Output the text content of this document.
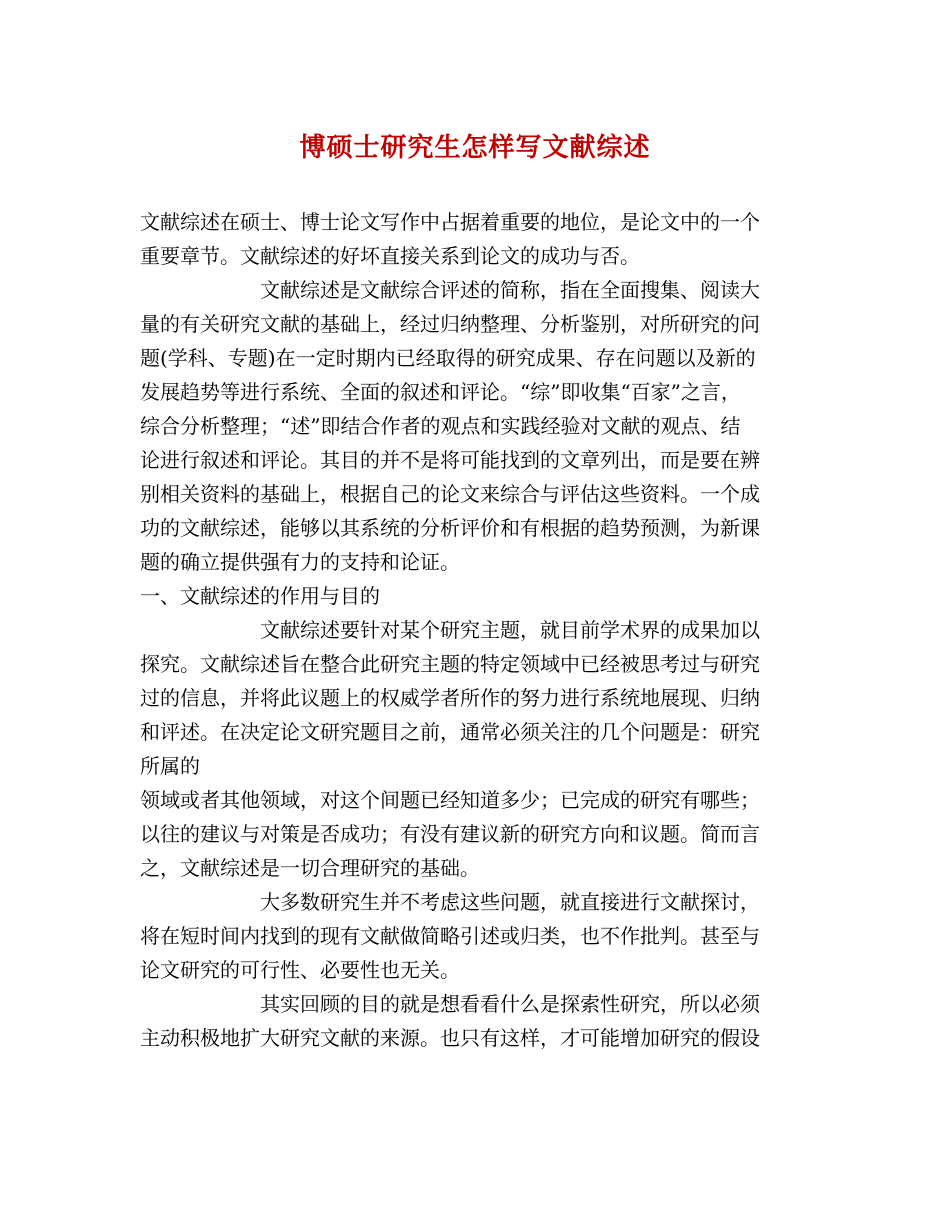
博硕士研究生怎样写文献综述
文献综述在硕士、博士论文写作中占据着重要的地位，是论文中的一个
重要章节。文献综述的好坏直接关系到论文的成功与否。
文献综述是文献综合评述的简称，指在全面搜集、阅读大
量的有关研究文献的基础上，经过归纳整理、分析鉴别，对所研究的问
题(学科、专题)在一定时期内已经取得的研究成果、存在问题以及新的
发展趋势等进行系统、全面的叙述和评论。“综”即收集“百家”之言，
综合分析整理；“述”即结合作者的观点和实践经验对文献的观点、结
论进行叙述和评论。其目的并不是将可能找到的文章列出，而是要在辨
别相关资料的基础上，根据自己的论文来综合与评估这些资料。一个成
功的文献综述，能够以其系统的分析评价和有根据的趋势预测，为新课
题的确立提供强有力的支持和论证。
一、文献综述的作用与目的
文献综述要针对某个研究主题，就目前学术界的成果加以
探究。文献综述旨在整合此研究主题的特定领域中已经被思考过与研究
过的信息，并将此议题上的权威学者所作的努力进行系统地展现、归纳
和评述。在决定论文研究题目之前，通常必须关注的几个问题是：研究
所属的
领域或者其他领域，对这个间题已经知道多少；已完成的研究有哪些；
以往的建议与对策是否成功；有没有建议新的研究方向和议题。简而言
之，文献综述是一切合理研究的基础。
大多数研究生并不考虑这些问题，就直接进行文献探讨，
将在短时间内找到的现有文献做简略引述或归类，也不作批判。甚至与
论文研究的可行性、必要性也无关。
其实回顾的目的就是想看看什么是探索性研究，所以必须
主动积极地扩大研究文献的来源。也只有这样，才可能增加研究的假设
